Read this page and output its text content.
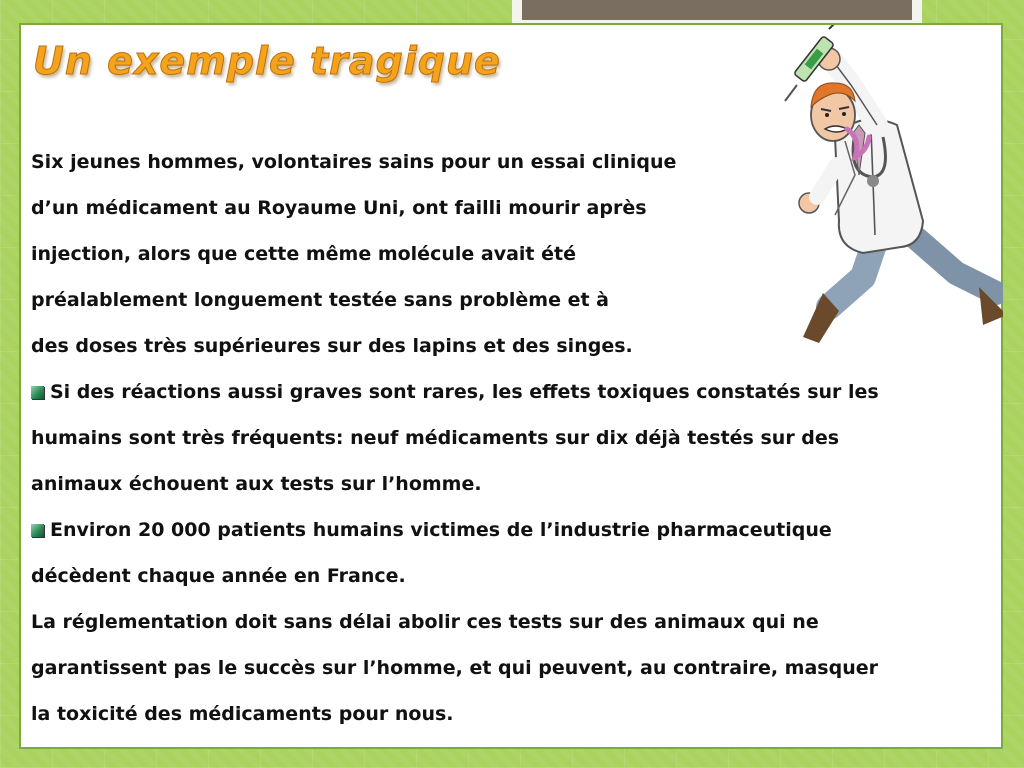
Un exemple tragique
Six jeunes hommes, volontaires sains pour un essai clinique
d’un médicament au Royaume Uni, ont failli mourir après
injection, alors que cette même molécule avait été
préalablement longuement testée sans problème et à
des doses très supérieures sur des lapins et des singes.
Si des réactions aussi graves sont rares, les effets toxiques constatés sur les
humains sont très fréquents: neuf médicaments sur dix déjà testés sur des
animaux échouent aux tests sur l’homme.
Environ 20 000 patients humains victimes de l’industrie pharmaceutique
décèdent chaque année en France.
La réglementation doit sans délai abolir ces tests sur des animaux qui ne
garantissent pas le succès sur l’homme, et qui peuvent, au contraire, masquer
la toxicité des médicaments pour nous.
